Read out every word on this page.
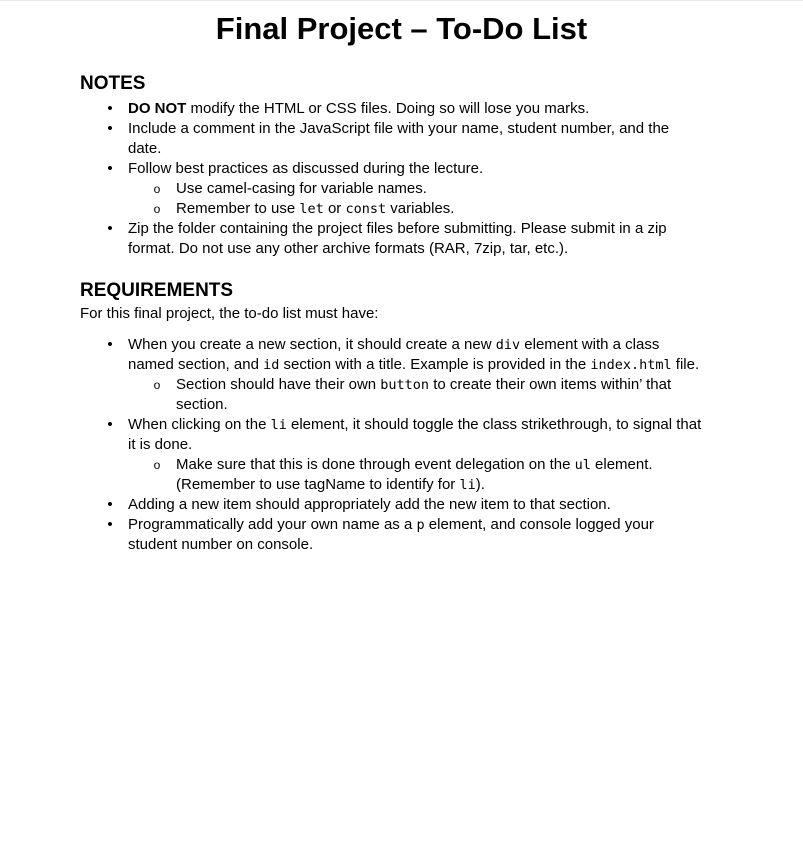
Final Project – To-Do List
NOTES
• DO NOT modify the HTML or CSS files. Doing so will lose you marks.
• Include a comment in the JavaScript file with your name, student number, and the date.
• Follow best practices as discussed during the lecture.
o Use camel-casing for variable names.
o Remember to use let or const variables.
• Zip the folder containing the project files before submitting. Please submit in a zip format. Do not use any other archive formats (RAR, 7zip, tar, etc.).
REQUIREMENTS

For this final project, the to-do list must have:

• When you create a new section, it should create a new div element with a class named section, and id section with a title. Example is provided in the index.html file.
o Section should have their own button to create their own items within’ that section.
• When clicking on the li element, it should toggle the class strikethrough, to signal that it is done.
o Make sure that this is done through event delegation on the ul element. (Remember to use tagName to identify for li).
• Adding a new item should appropriately add the new item to that section.
• Programmatically add your own name as a p element, and console logged your student number on console.
